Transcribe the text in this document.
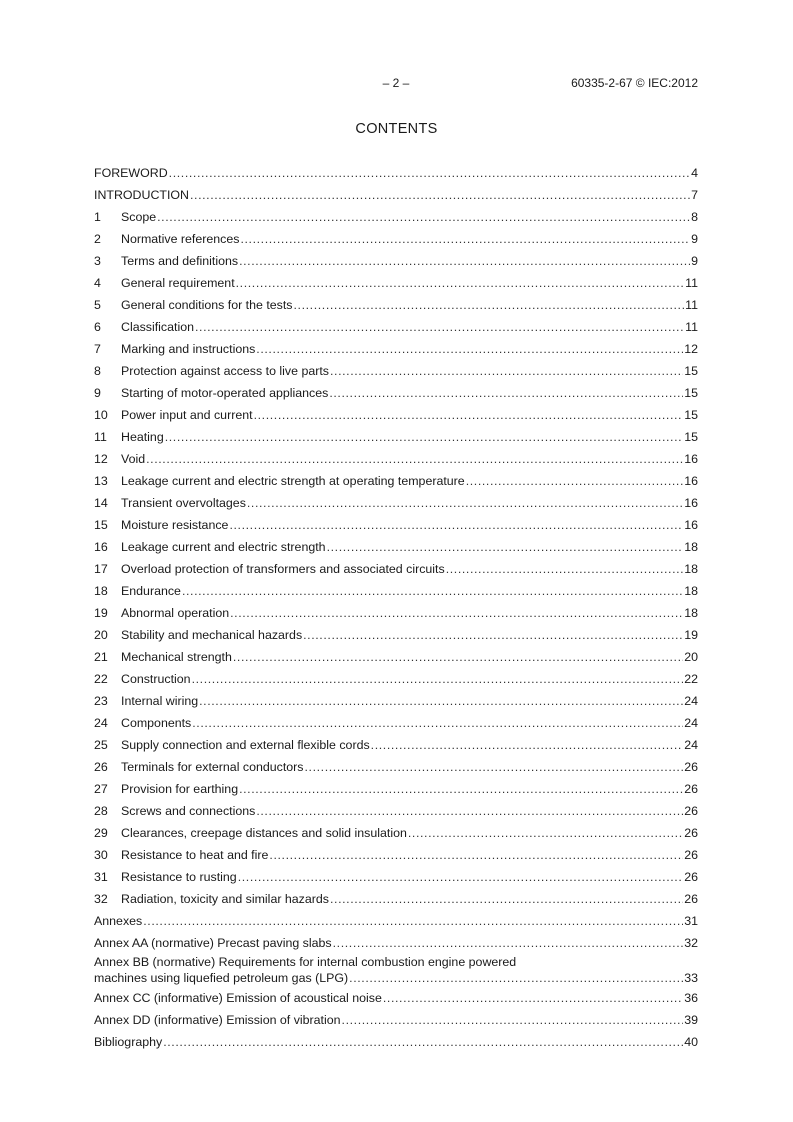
– 2 –	60335-2-67 © IEC:2012
CONTENTS
FOREWORD .....	4
INTRODUCTION .....	7
1	Scope .....	8
2	Normative references .....	9
3	Terms and definitions .....	9
4	General requirement .....	11
5	General conditions for the tests .....	11
6	Classification .....	11
7	Marking and instructions .....	12
8	Protection against access to live parts .....	15
9	Starting of motor-operated appliances .....	15
10	Power input and current .....	15
11	Heating .....	15
12	Void .....	16
13	Leakage current and electric strength at operating temperature .....	16
14	Transient overvoltages .....	16
15	Moisture resistance .....	16
16	Leakage current and electric strength .....	18
17	Overload protection of transformers and associated circuits .....	18
18	Endurance .....	18
19	Abnormal operation .....	18
20	Stability and mechanical hazards .....	19
21	Mechanical strength .....	20
22	Construction .....	22
23	Internal wiring .....	24
24	Components .....	24
25	Supply connection and external flexible cords .....	24
26	Terminals for external conductors .....	26
27	Provision for earthing .....	26
28	Screws and connections .....	26
29	Clearances, creepage distances and solid insulation .....	26
30	Resistance to heat and fire .....	26
31	Resistance to rusting .....	26
32	Radiation, toxicity and similar hazards .....	26
Annexes .....	31
Annex AA (normative) Precast paving slabs .....	32
Annex BB (normative) Requirements for internal combustion engine powered
machines using liquefied petroleum gas (LPG) .....	33
Annex CC (informative) Emission of acoustical noise .....	36
Annex DD (informative) Emission of vibration .....	39
Bibliography .....	40
